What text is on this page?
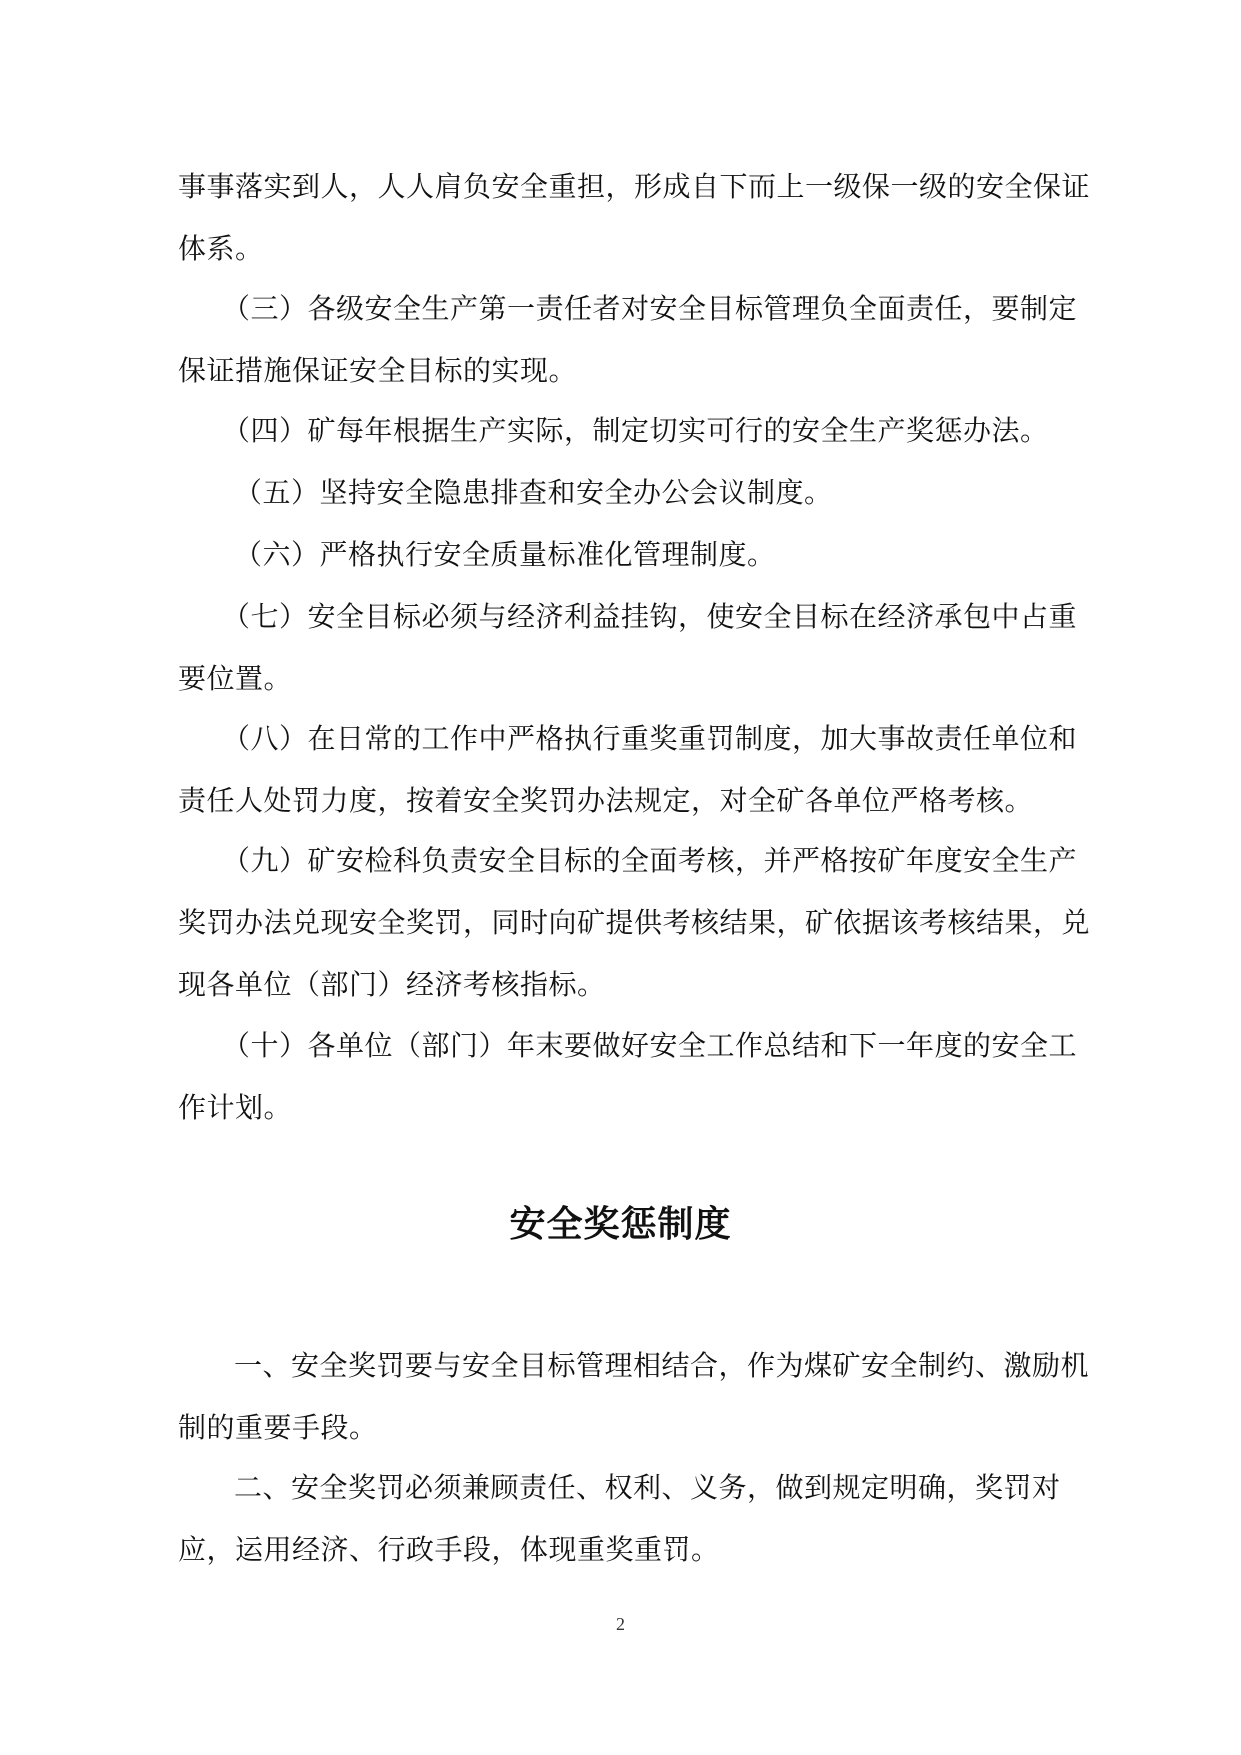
事事落实到人，人人肩负安全重担，形成自下而上一级保一级的安全保证体系。

（三）各级安全生产第一责任者对安全目标管理负全面责任，要制定保证措施保证安全目标的实现。

（四）矿每年根据生产实际，制定切实可行的安全生产奖惩办法。

（五）坚持安全隐患排查和安全办公会议制度。

（六）严格执行安全质量标准化管理制度。

（七）安全目标必须与经济利益挂钩，使安全目标在经济承包中占重要位置。

（八）在日常的工作中严格执行重奖重罚制度，加大事故责任单位和责任人处罚力度，按着安全奖罚办法规定，对全矿各单位严格考核。

（九）矿安检科负责安全目标的全面考核，并严格按矿年度安全生产奖罚办法兑现安全奖罚，同时向矿提供考核结果，矿依据该考核结果，兑现各单位（部门）经济考核指标。

（十）各单位（部门）年末要做好安全工作总结和下一年度的安全工作计划。

安全奖惩制度

一、安全奖罚要与安全目标管理相结合，作为煤矿安全制约、激励机制的重要手段。

二、安全奖罚必须兼顾责任、权利、义务，做到规定明确，奖罚对应，运用经济、行政手段，体现重奖重罚。

2
